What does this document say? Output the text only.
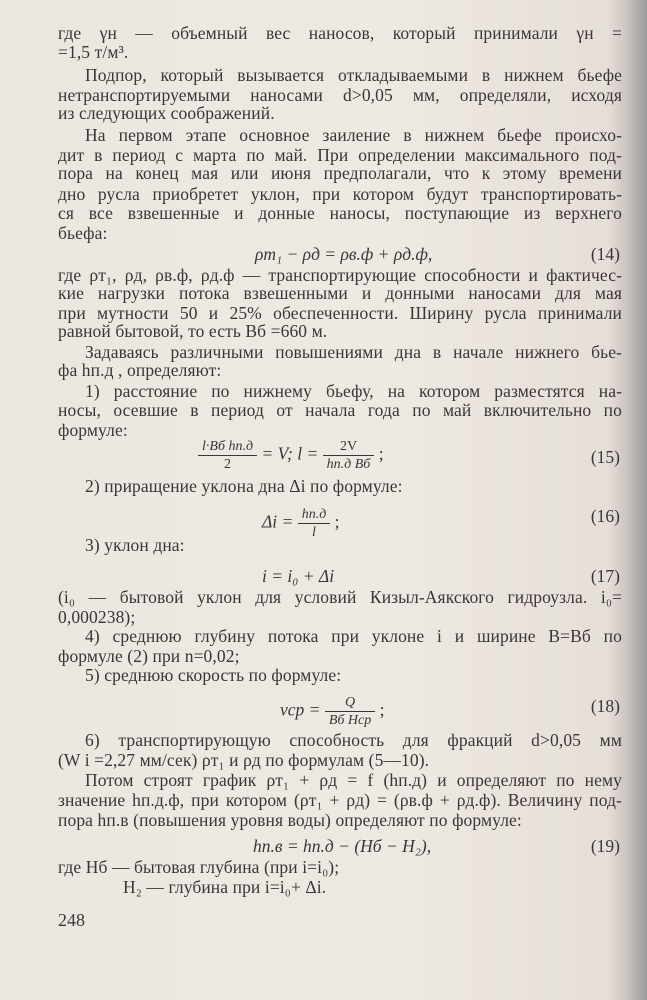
где γн — объемный вес наносов, который принимали γн =
=1,5 т/м³.
Подпор, который вызывается откладываемыми в нижнем бьефе
нетранспортируемыми наносами d>0,05 мм, определяли, исходя
из следующих соображений.
На первом этапе основное заиление в нижнем бьефе происхо-
дит в период с марта по май. При определении максимального под-
пора на конец мая или июня предполагали, что к этому времени
дно русла приобретет уклон, при котором будут транспортировать-
ся все взвешенные и донные наносы, поступающие из верхнего
бьефа:
где ρт₁, ρд, ρв.ф, ρд.ф — транспортирующие способности и фактичес-
кие нагрузки потока взвешенными и донными наносами для мая
при мутности 50 и 25% обеспеченности. Ширину русла принимали
равной бытовой, то есть Bб =660 м.
Задаваясь различными повышениями дна в начале нижнего бье-
фа hп.д , определяют:
1) расстояние по нижнему бьефу, на котором разместятся на-
носы, осевшие в период от начала года по май включительно по
формуле:
2) приращение уклона дна Δi по формуле:
3) уклон дна:
(i₀ — бытовой уклон для условий Кизыл-Аякского гидроузла. i₀=
0,000238);
4) среднюю глубину потока при уклоне i и ширине B=Bб по
формуле (2) при n=0,02;
5) среднюю скорость по формуле:
6) транспортирующую способность для фракций d>0,05 мм
(W i =2,27 мм/сек) ρт₁ и ρд по формулам (5—10).
Потом строят график ρт₁ + ρд = f (hп.д) и определяют по нему
значение hп.д.ф, при котором (ρт₁ + ρд) = (ρв.ф + ρд.ф). Величину под-
пора hп.в (повышения уровня воды) определяют по формуле:
где Hб — бытовая глубина (при i=i₀);
H₂ — глубина при i=i₀+ Δi.
ρт₁ − ρд = ρв.ф + ρд.ф,	(14)
$\frac{\text{l·Bб hп.д}}{2} = V$; $l = \frac{2V}{\text{hп.д Bб}}$ ;	(15)
$\Delta i = \frac{hп.д}{l}$ ;	(16)
i = i₀ + Δi	(17)
vср = $\frac{Q}{\text{Bб Hср}}$ ;	(18)
hп.в = hп.д − (Hб − H₂),	(19)
248
